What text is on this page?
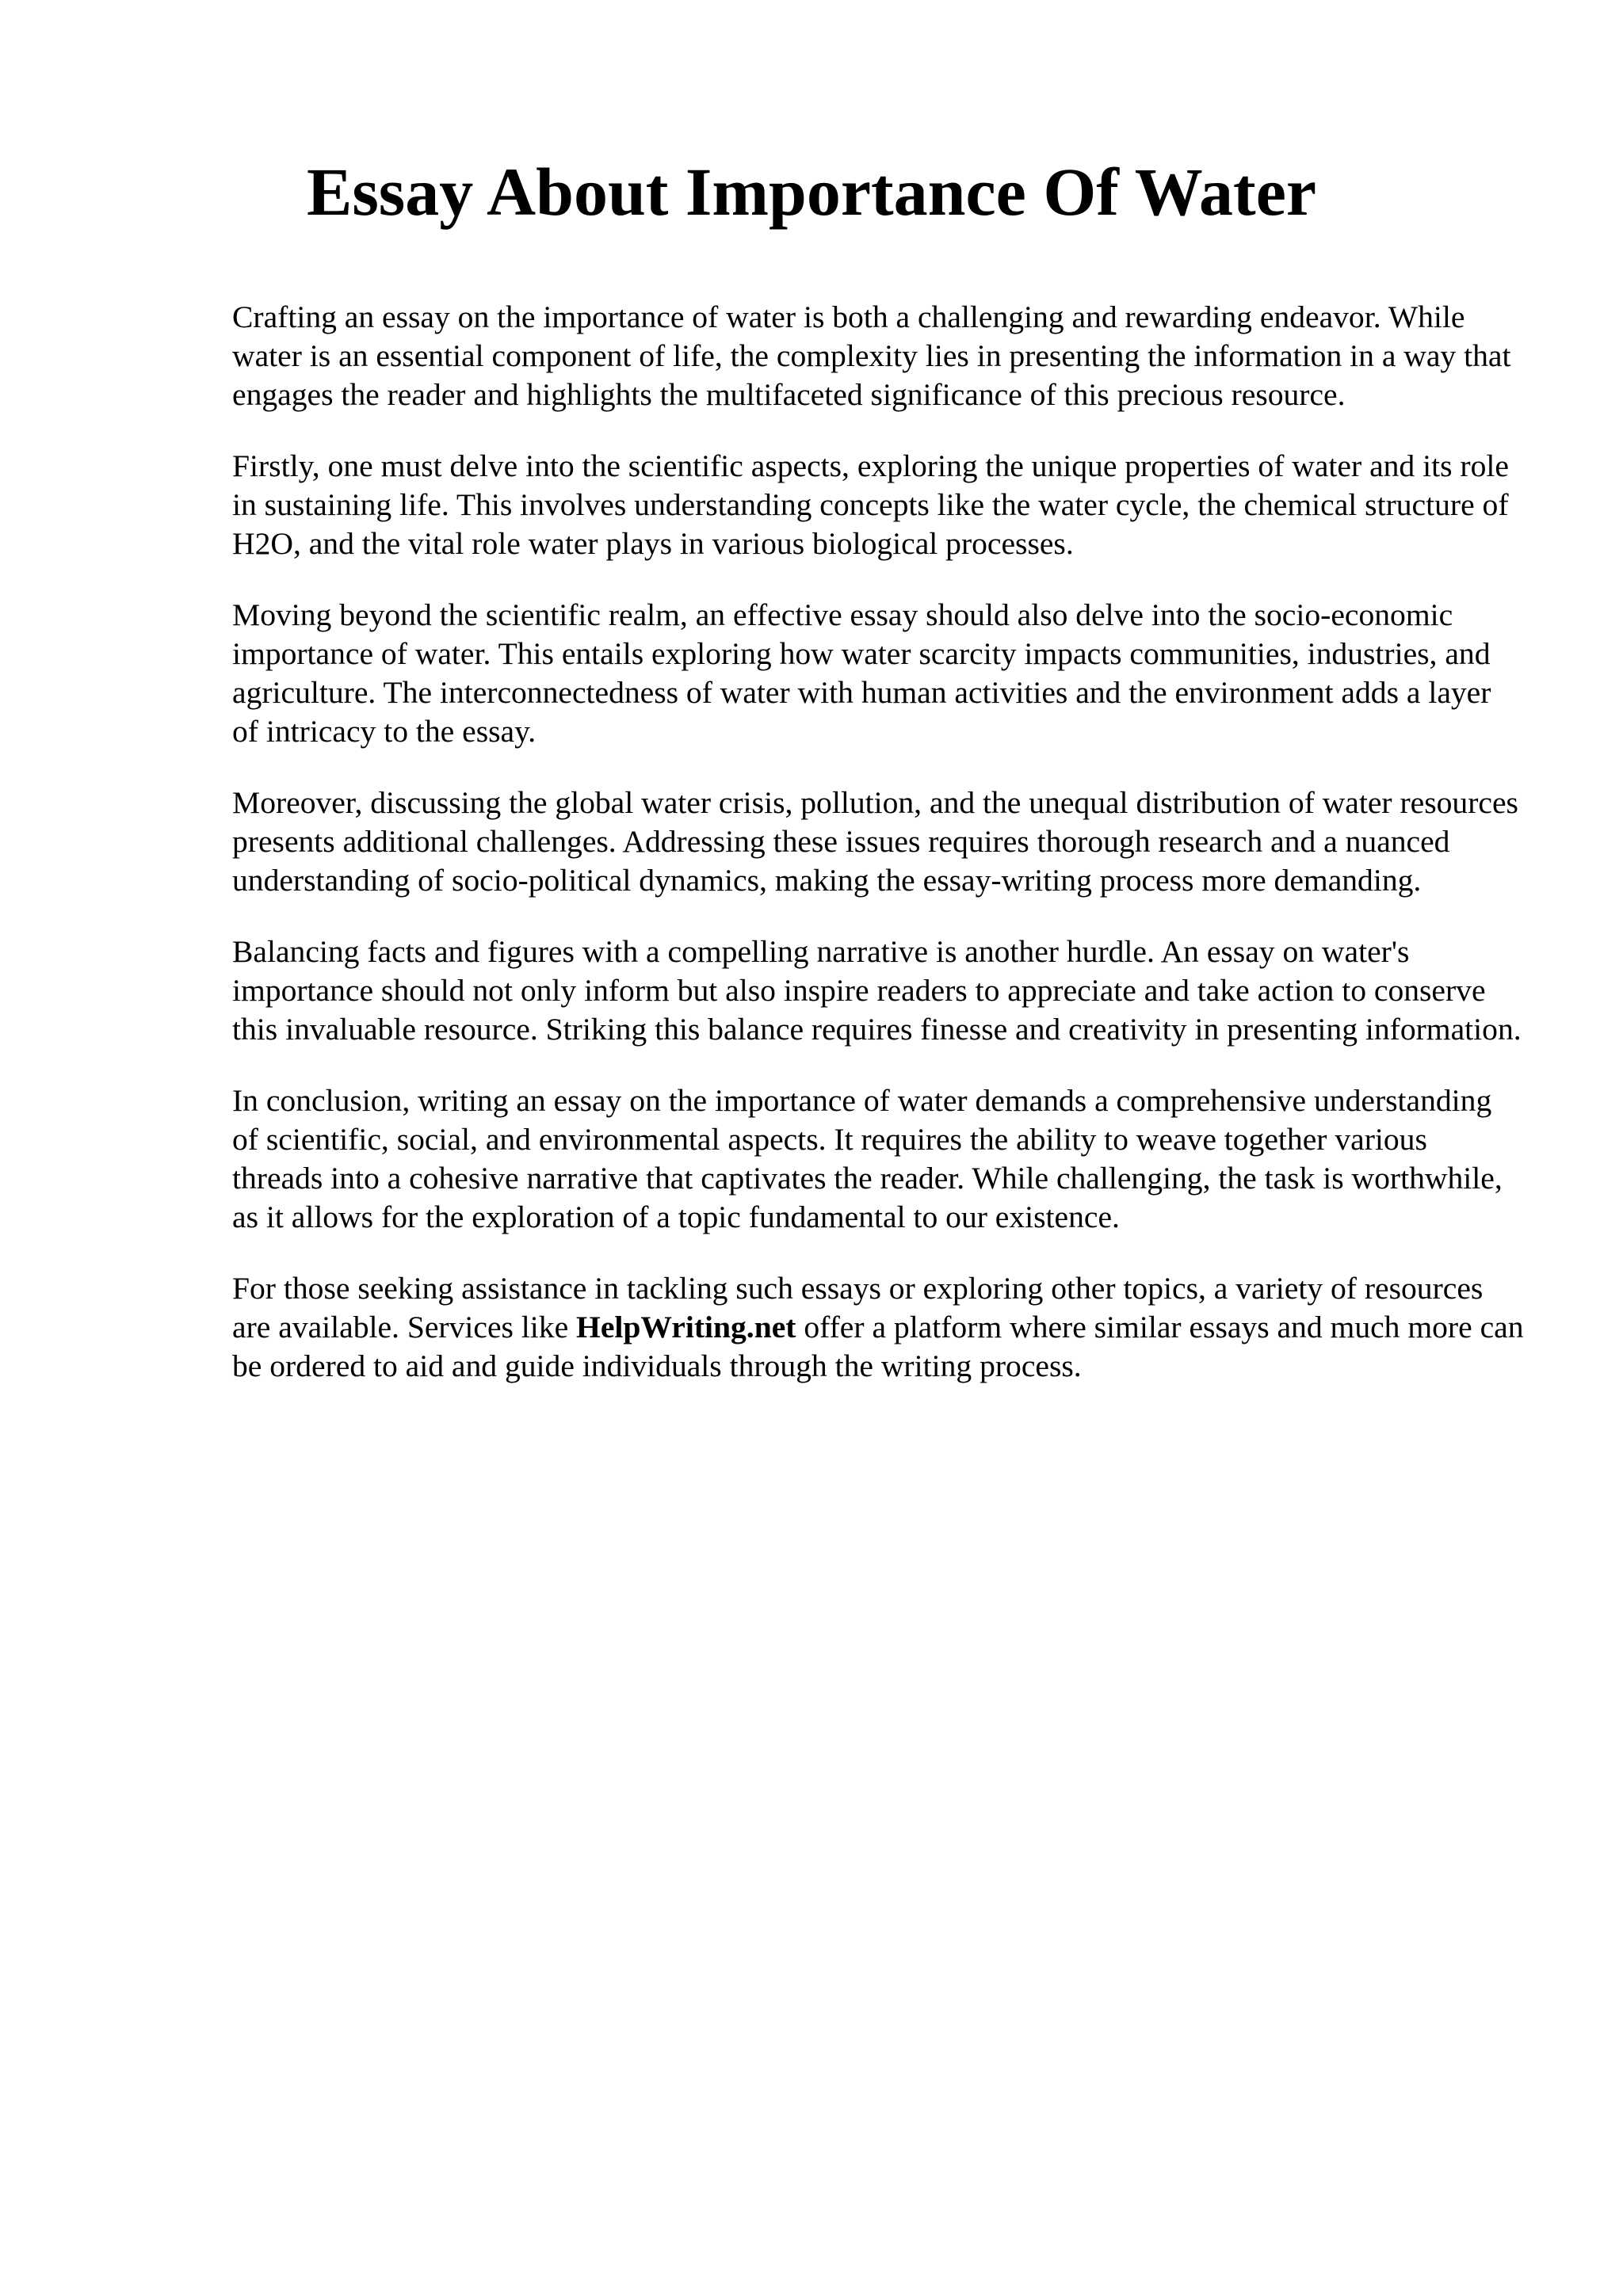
Essay About Importance Of Water

Crafting an essay on the importance of water is both a challenging and rewarding endeavor. While water is an essential component of life, the complexity lies in presenting the information in a way that engages the reader and highlights the multifaceted significance of this precious resource.

Firstly, one must delve into the scientific aspects, exploring the unique properties of water and its role in sustaining life. This involves understanding concepts like the water cycle, the chemical structure of H2O, and the vital role water plays in various biological processes.

Moving beyond the scientific realm, an effective essay should also delve into the socio-economic importance of water. This entails exploring how water scarcity impacts communities, industries, and agriculture. The interconnectedness of water with human activities and the environment adds a layer of intricacy to the essay.

Moreover, discussing the global water crisis, pollution, and the unequal distribution of water resources presents additional challenges. Addressing these issues requires thorough research and a nuanced understanding of socio-political dynamics, making the essay-writing process more demanding.

Balancing facts and figures with a compelling narrative is another hurdle. An essay on water's importance should not only inform but also inspire readers to appreciate and take action to conserve this invaluable resource. Striking this balance requires finesse and creativity in presenting information.

In conclusion, writing an essay on the importance of water demands a comprehensive understanding of scientific, social, and environmental aspects. It requires the ability to weave together various threads into a cohesive narrative that captivates the reader. While challenging, the task is worthwhile, as it allows for the exploration of a topic fundamental to our existence.

For those seeking assistance in tackling such essays or exploring other topics, a variety of resources are available. Services like HelpWriting.net offer a platform where similar essays and much more can be ordered to aid and guide individuals through the writing process.
